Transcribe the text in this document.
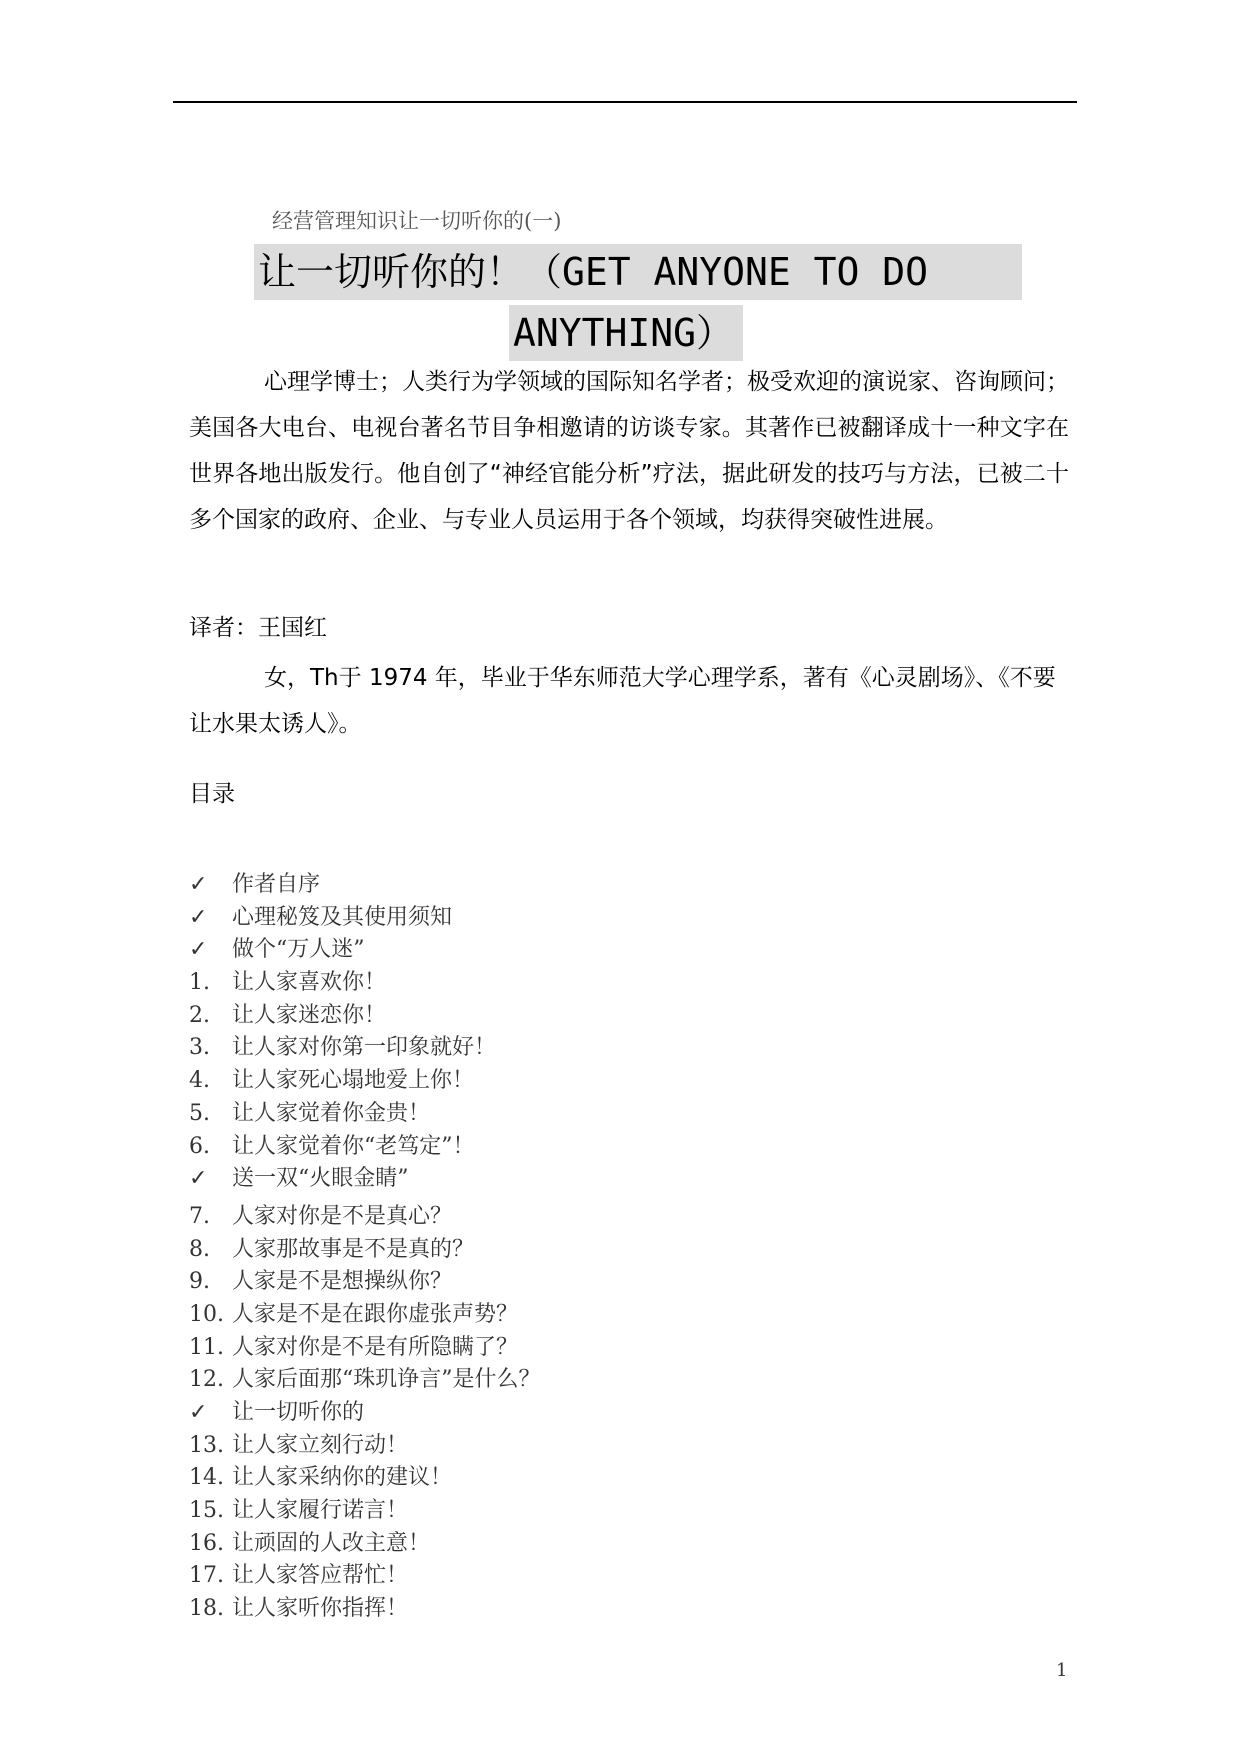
经营管理知识让一切听你的(一)
让一切听你的！（GET ANYONE TO DO
ANYTHING）

心理学博士；人类行为学领域的国际知名学者；极受欢迎的演说家、咨询顾问；美国各大电台、电视台著名节目争相邀请的访谈专家。其著作已被翻译成十一种文字在世界各地出版发行。他自创了“神经官能分析”疗法，据此研发的技巧与方法，已被二十多个国家的政府、企业、与专业人员运用于各个领域，均获得突破性进展。

译者：王国红

女，Th于 1974 年，毕业于华东师范大学心理学系，著有《心灵剧场》、《不要让水果太诱人》。

目录

✓ 作者自序
✓ 心理秘笈及其使用须知
✓ 做个“万人迷”
1. 让人家喜欢你！
2. 让人家迷恋你！
3. 让人家对你第一印象就好！
4. 让人家死心塌地爱上你！
5. 让人家觉着你金贵！
6. 让人家觉着你“老笃定”！
✓ 送一双“火眼金睛”
7. 人家对你是不是真心？
8. 人家那故事是不是真的？
9. 人家是不是想操纵你？
10. 人家是不是在跟你虚张声势？
11. 人家对你是不是有所隐瞒了？
12. 人家后面那“珠玑诤言”是什么？
✓ 让一切听你的
13. 让人家立刻行动！
14. 让人家采纳你的建议！
15. 让人家履行诺言！
16. 让顽固的人改主意！
17. 让人家答应帮忙！
18. 让人家听你指挥！
1
